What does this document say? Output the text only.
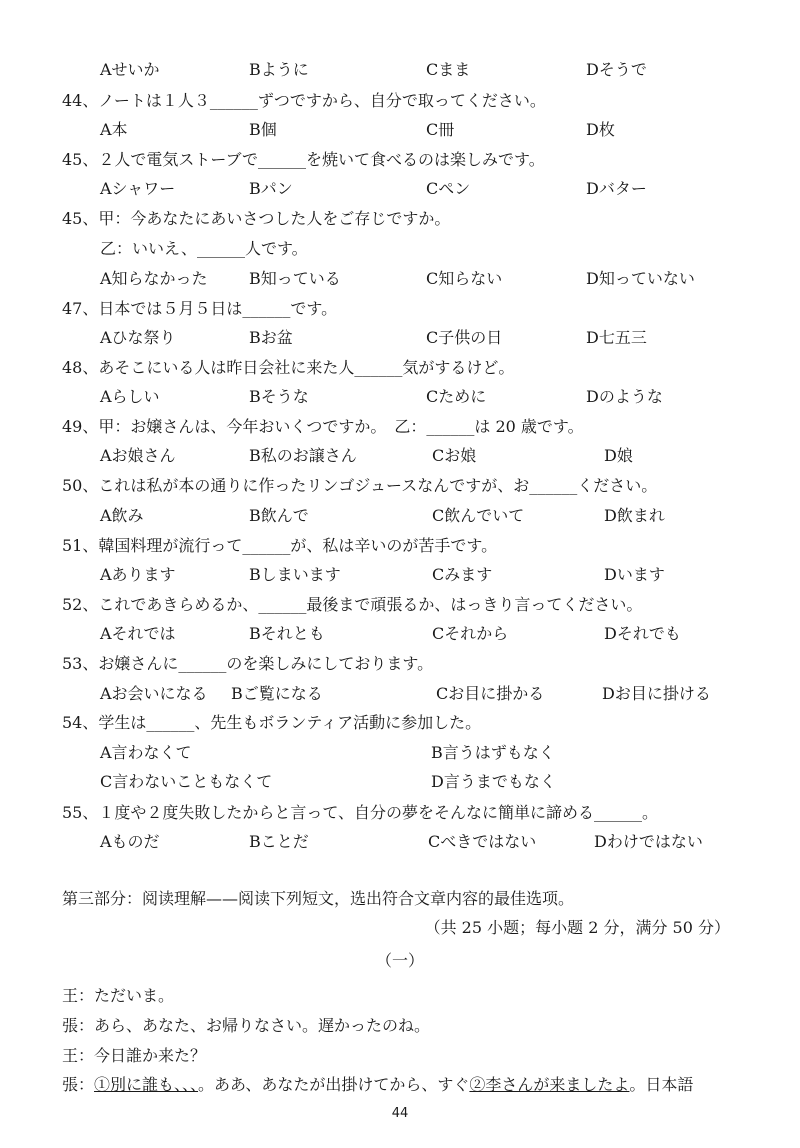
Aせいか	Bように	Cまま	Dそうで
44、ノートは１人３______ずつですから、自分で取ってください。
A本	B個	C冊	D枚
45、２人で電気ストーブで______を焼いて食べるのは楽しみです。
Aシャワー	Bパン	Cペン	Dバター
45、甲：今あなたにあいさつした人をご存じですか。
乙：いいえ、______人です。
A知らなかった	B知っている	C知らない	D知っていない
47、日本では５月５日は______です。
Aひな祭り	Bお盆	C子供の日	D七五三
48、あそこにいる人は昨日会社に来た人______気がするけど。
Aらしい	Bそうな	Cために	Dのような
49、甲：お嬢さんは、今年おいくつですか。　乙：______は 20 歳です。
Aお娘さん	B私のお譲さん	Cお娘	D娘
50、これは私が本の通りに作ったリンゴジュースなんですが、お______ください。
A飲み	B飲んで	C飲んでいて	D飲まれ
51、韓国料理が流行って______が、私は辛いのが苦手です。
Aあります	Bしまいます	Cみます	Dいます
52、これであきらめるか、______最後まで頑張るか、はっきり言ってください。
Aそれでは	Bそれとも	Cそれから	Dそれでも
53、お嬢さんに______のを楽しみにしております。
Aお会いになる Bご覧になる	Cお目に掛かる	Dお目に掛ける
54、学生は______、先生もボランティア活動に参加した。
A言わなくて	B言うはずもなく
C言わないこともなくて	D言うまでもなく
55、１度や２度失敗したからと言って、自分の夢をそんなに簡単に諦める______。
Aものだ	Bことだ	Cべきではない	Dわけではない
第三部分：阅读理解——阅读下列短文，选出符合文章内容的最佳选项。
（共 25 小题；每小题 2 分，满分 50 分）
（一）
王：ただいま。
張：あら、あなた、お帰りなさい。遅かったのね。
王：今日誰か来た？
張：①別に誰も、、、。ああ、あなたが出掛けてから、すぐ②李さんが来ましたよ。日本語
44
